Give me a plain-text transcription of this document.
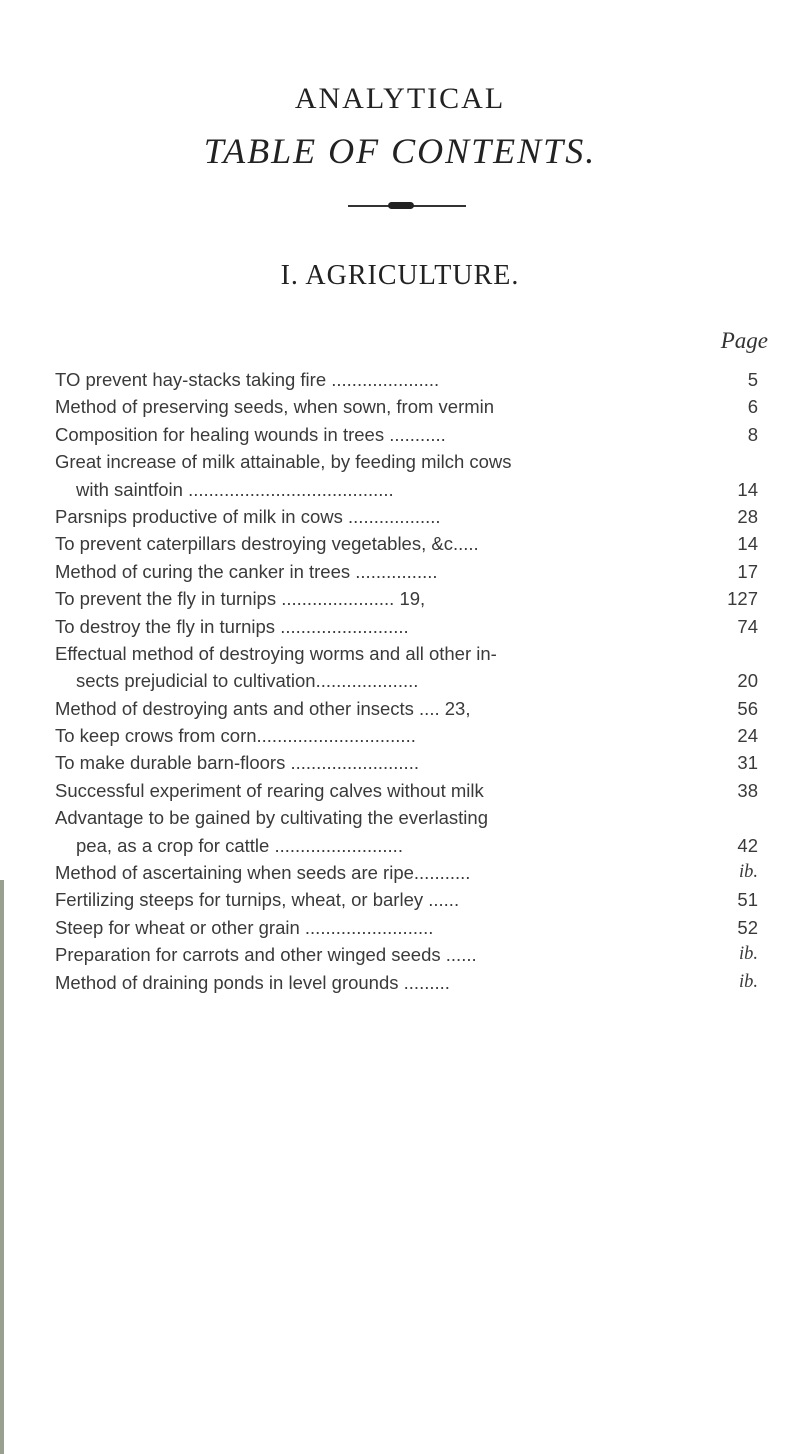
ANALYTICAL
TABLE OF CONTENTS.
I. AGRICULTURE.
Page
TO prevent hay-stacks taking fire .....................	5
Method of preserving seeds, when sown, from vermin	6
Composition for healing wounds in trees ...........	8
Great increase of milk attainable, by feeding milch cows
with saintfoin ........................................	14
Parsnips productive of milk in cows ..................	28
To prevent caterpillars destroying vegetables, &c.....	14
Method of curing the canker in trees ................	17
To prevent the fly in turnips ...................... 19,	127
To destroy the fly in turnips .........................	74
Effectual method of destroying worms and all other in-
sects prejudicial to cultivation....................	20
Method of destroying ants and other insects .... 23,	56
To keep crows from corn...............................	24
To make durable barn-floors .........................	31
Successful experiment of rearing calves without milk	38
Advantage to be gained by cultivating the everlasting
pea, as a crop for cattle .........................	42
Method of ascertaining when seeds are ripe...........	ib.
Fertilizing steeps for turnips, wheat, or barley ......	51
Steep for wheat or other grain .........................	52
Preparation for carrots and other winged seeds ......	ib.
Method of draining ponds in level grounds .........	ib.
